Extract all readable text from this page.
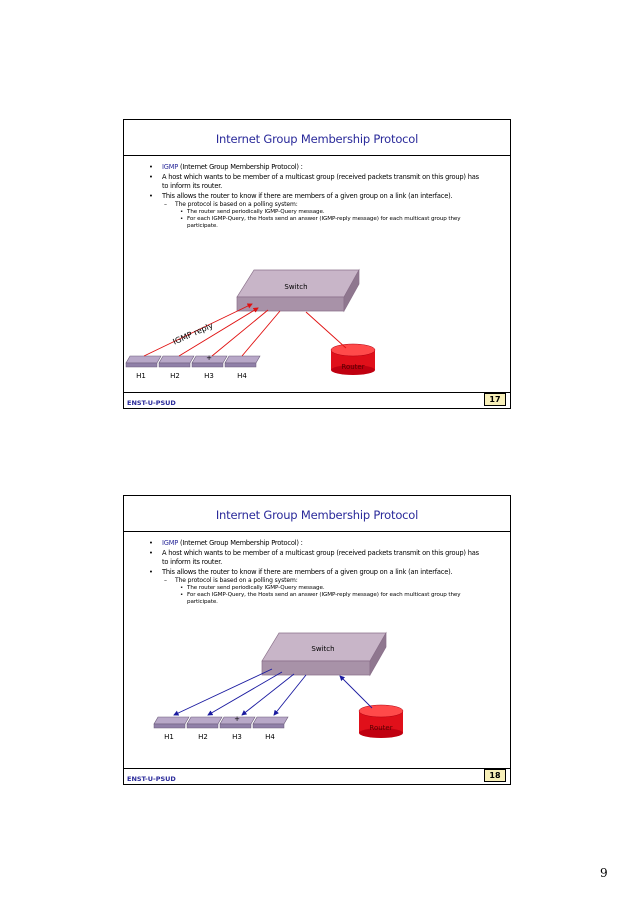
Internet Group Membership Protocol
• IGMP (Internet Group Membership Protocol) :
• A host which wants to be member of a multicast group (received packets transmit on this group) has to inform its router.
• This allows the router to know if there are members of a given group on a link (an interface).
– The protocol is based on a polling system:
• The router send periodically IGMP-Query message.
• For each IGMP-Query, the Hosts send an answer (IGMP-reply message) for each multicast group they participate.
Switch
Router
+
H1	H2	H3	H4
IGMP reply
ENST-U-PSUD	17
Internet Group Membership Protocol
• IGMP (Internet Group Membership Protocol) :
• A host which wants to be member of a multicast group (received packets transmit on this group) has to inform its router.
• This allows the router to know if there are members of a given group on a link (an interface).
– The protocol is based on a polling system:
• The router send periodically IGMP-Query message.
• For each IGMP-Query, the Hosts send an answer (IGMP-reply message) for each multicast group they participate.
Switch
Router
+
H1	H2	H3	H4
ENST-U-PSUD	18
9
